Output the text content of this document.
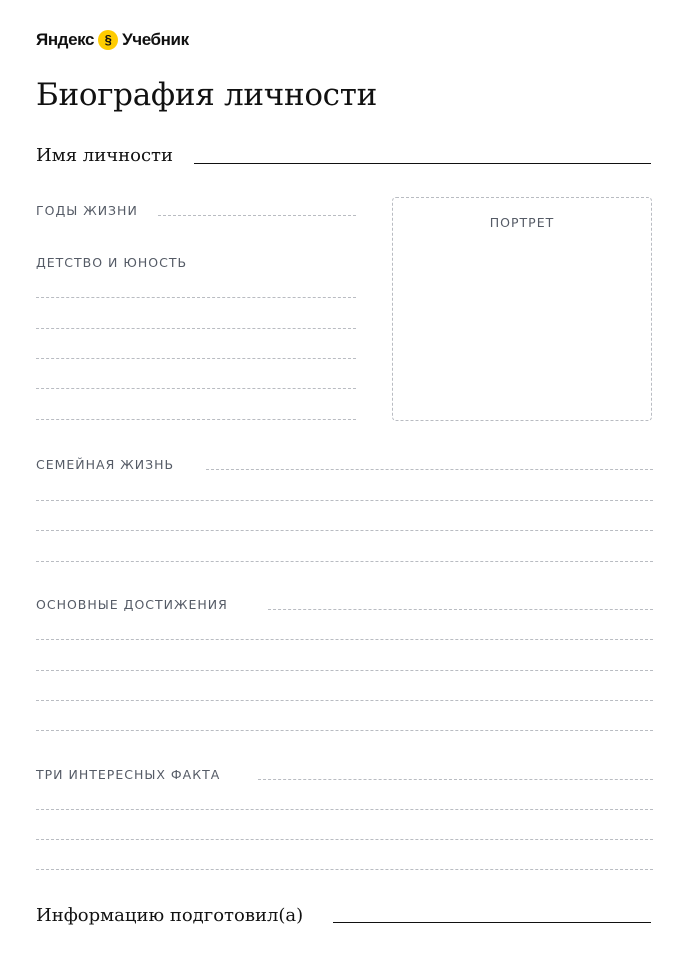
Яндекс § Учебник
Биография личности
Имя личности
ГОДЫ ЖИЗНИ
ДЕТСТВО И ЮНОСТЬ
ПОРТРЕТ
СЕМЕЙНАЯ ЖИЗНЬ
ОСНОВНЫЕ ДОСТИЖЕНИЯ
ТРИ ИНТЕРЕСНЫХ ФАКТА
Информацию подготовил(а)
